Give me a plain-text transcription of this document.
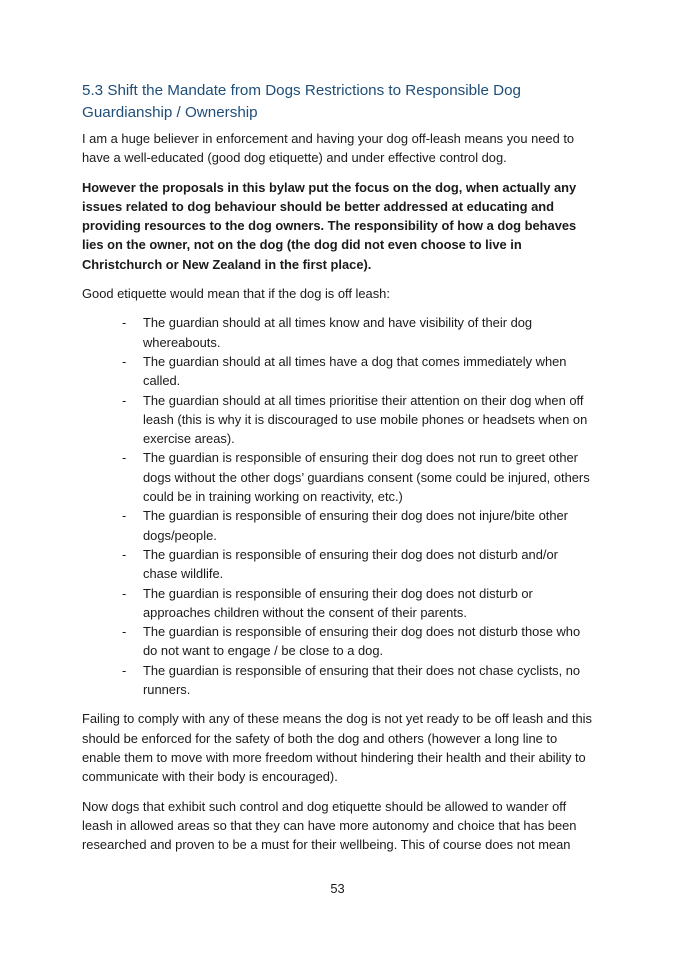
5.3 Shift the Mandate from Dogs Restrictions to Responsible Dog Guardianship / Ownership

I am a huge believer in enforcement and having your dog off-leash means you need to have a well-educated (good dog etiquette) and under effective control dog.

However the proposals in this bylaw put the focus on the dog, when actually any issues related to dog behaviour should be better addressed at educating and providing resources to the dog owners. The responsibility of how a dog behaves lies on the owner, not on the dog (the dog did not even choose to live in Christchurch or New Zealand in the first place).

Good etiquette would mean that if the dog is off leash:

- The guardian should at all times know and have visibility of their dog whereabouts.
- The guardian should at all times have a dog that comes immediately when called.
- The guardian should at all times prioritise their attention on their dog when off leash (this is why it is discouraged to use mobile phones or headsets when on exercise areas).
- The guardian is responsible of ensuring their dog does not run to greet other dogs without the other dogs’ guardians consent (some could be injured, others could be in training working on reactivity, etc.)
- The guardian is responsible of ensuring their dog does not injure/bite other dogs/people.
- The guardian is responsible of ensuring their dog does not disturb and/or chase wildlife.
- The guardian is responsible of ensuring their dog does not disturb or approaches children without the consent of their parents.
- The guardian is responsible of ensuring their dog does not disturb those who do not want to engage / be close to a dog.
- The guardian is responsible of ensuring that their does not chase cyclists, no runners.

Failing to comply with any of these means the dog is not yet ready to be off leash and this should be enforced for the safety of both the dog and others (however a long line to enable them to move with more freedom without hindering their health and their ability to communicate with their body is encouraged).

Now dogs that exhibit such control and dog etiquette should be allowed to wander off leash in allowed areas so that they can have more autonomy and choice that has been researched and proven to be a must for their wellbeing. This of course does not mean

53
